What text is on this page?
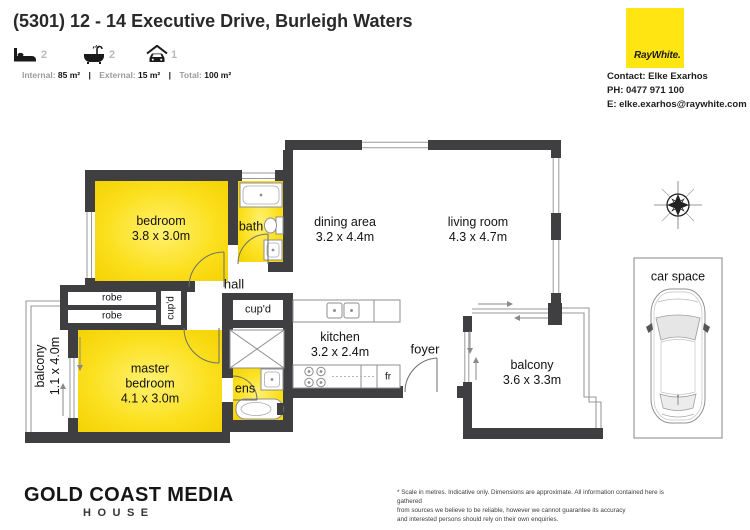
(5301) 12 - 14 Executive Drive, Burleigh Waters
2	2	1
Internal: 85 m² | External: 15 m² | Total: 100 m²
RayWhite.
Contact: Elke Exarhos
PH: 0477 971 100
E: elke.exarhos@raywhite.com
bedroom
3.8 x 3.0m
bath	dining area
3.2 x 4.4m
living room
4.3 x 4.7m
hall
robe
robe	cup'd	cup'd
master bedroom
4.1 x 3.0m
ens
kitchen
3.2 x 2.4m
fr
foyer
balcony 1.1 x 4.0m	balcony
3.6 x 3.3m
car space
GOLD COAST MEDIA
HOUSE
* Scale in metres. Indicative only. Dimensions are approximate. All information contained here is gathered
from sources we believe to be reliable, however we cannot guarantee its accuracy
and interested persons should rely on their own enquiries.
